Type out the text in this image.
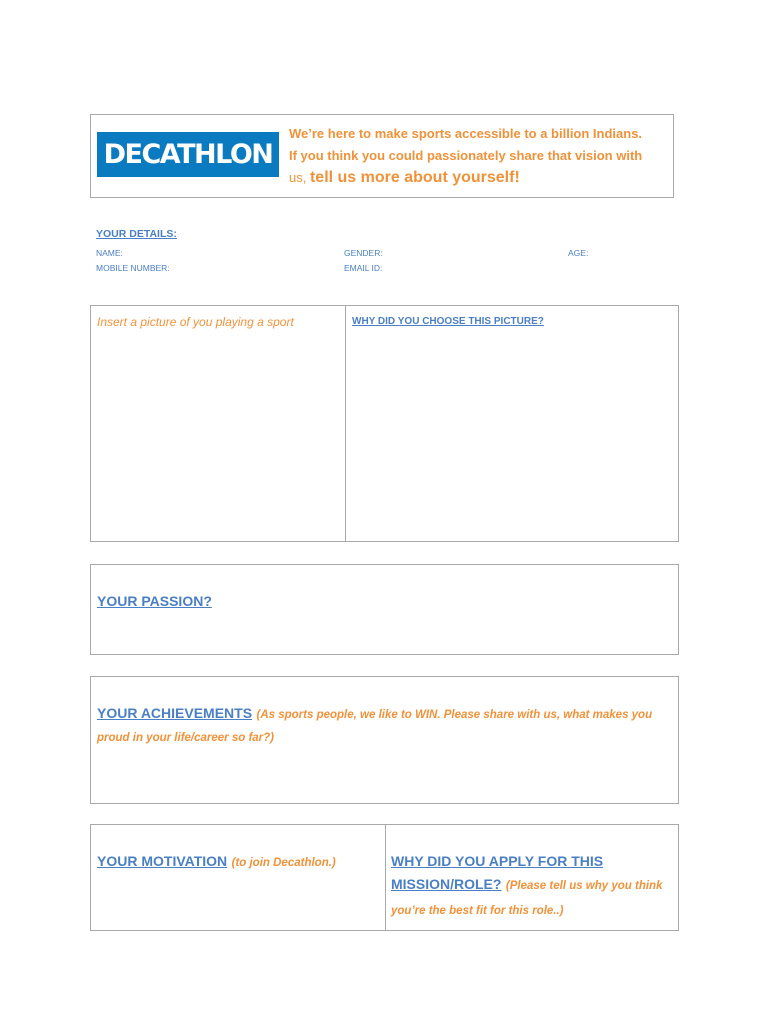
DECATHLON
We’re here to make sports accessible to a billion Indians.
If you think you could passionately share that vision with
us, tell us more about yourself!
YOUR DETAILS:
NAME:	GENDER:	AGE:
MOBILE NUMBER:	EMAIL ID:
Insert a picture of you playing a sport	WHY DID YOU CHOOSE THIS PICTURE?
YOUR PASSION?
YOUR ACHIEVEMENTS (As sports people, we like to WIN. Please share with us, what makes you proud in your life/career so far?)
YOUR MOTIVATION (to join Decathlon.)	WHY DID YOU APPLY FOR THIS MISSION/ROLE? (Please tell us why you think you’re the best fit for this role..)
